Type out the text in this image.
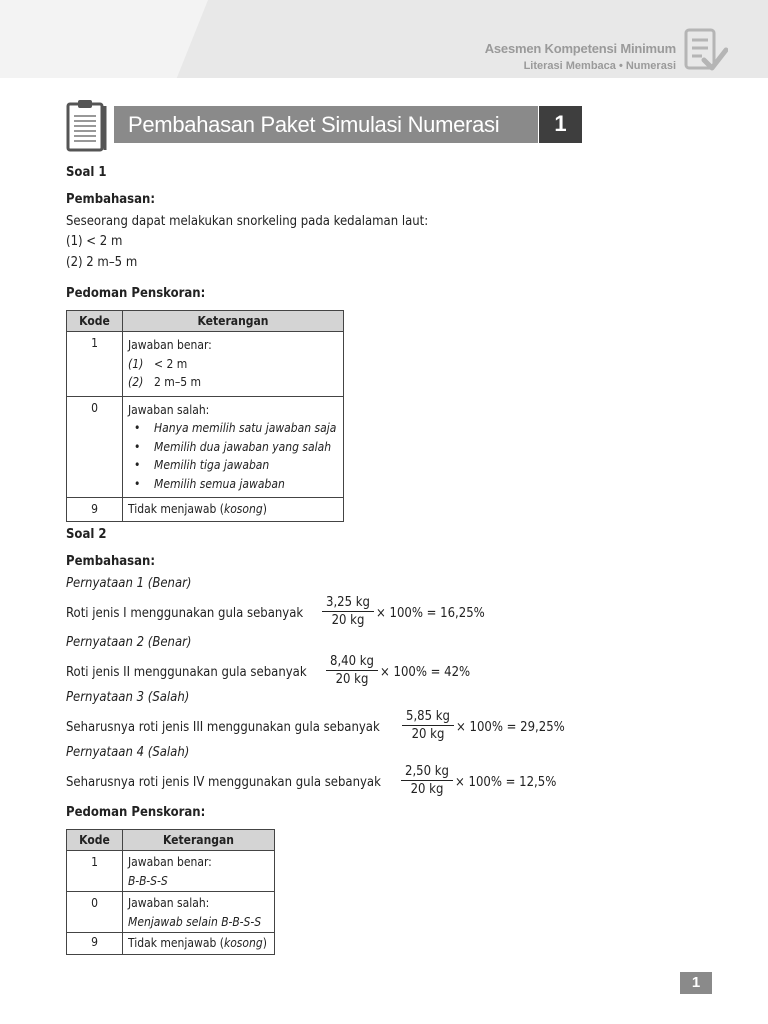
Asesmen Kompetensi Minimum
Literasi Membaca • Numerasi
Pembahasan Paket Simulasi Numerasi	1
Soal 1
Pembahasan:
Seseorang dapat melakukan snorkeling pada kedalaman laut:
(1) < 2 m
(2) 2 m–5 m
Pedoman Penskoran:
Kode	Keterangan
1	Jawaban benar:
(1) < 2 m
(2) 2 m–5 m

0	Jawaban salah:
• Hanya memilih satu jawaban saja
• Memilih dua jawaban yang salah
• Memilih tiga jawaban
• Memilih semua jawaban

9	Tidak menjawab (kosong)
Soal 2
Pembahasan:
Pernyataan 1 (Benar)
Roti jenis I menggunakan gula sebanyak $\frac{3,25 kg}{20 kg} \times 100\% = 16,25\%$
Pernyataan 2 (Benar)
Roti jenis II menggunakan gula sebanyak $\frac{8,40 kg}{20 kg} \times 100\% = 42\%$
Pernyataan 3 (Salah)
Seharusnya roti jenis III menggunakan gula sebanyak $\frac{5,85 kg}{20 kg} \times 100\% = 29,25\%$
Pernyataan 4 (Salah)
Seharusnya roti jenis IV menggunakan gula sebanyak $\frac{2,50 kg}{20 kg} \times 100\% = 12,5\%$
Pedoman Penskoran:
Kode	Keterangan
1	Jawaban benar:
B-B-S-S

0	Jawaban salah:
Menjawab selain B-B-S-S

9	Tidak menjawab (kosong)
1
